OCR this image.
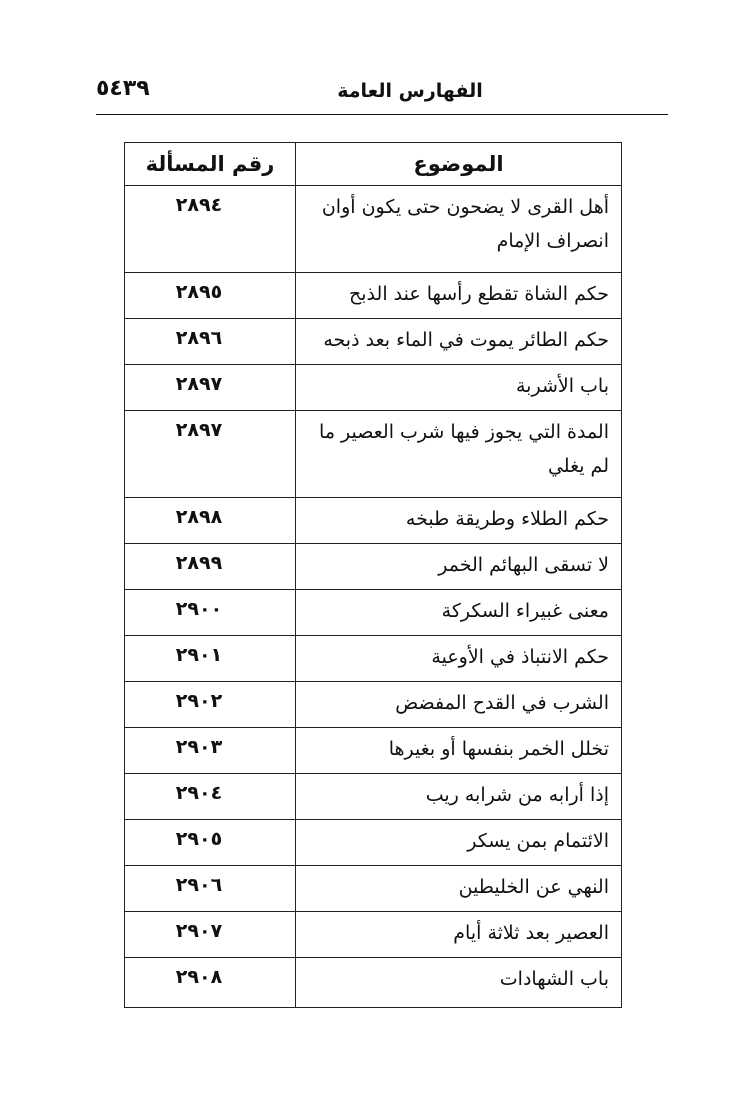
٥٤٣٩	الفهارس العامة
الموضوع	رقم المسألة
أهل القرى لا يضحون حتى يكون أوان انصراف الإمام	٢٨٩٤
حكم الشاة تقطع رأسها عند الذبح	٢٨٩٥
حكم الطائر يموت في الماء بعد ذبحه	٢٨٩٦
باب الأشربة	٢٨٩٧
المدة التي يجوز فيها شرب العصير ما لم يغلي	٢٨٩٧
حكم الطلاء وطريقة طبخه	٢٨٩٨
لا تسقى البهائم الخمر	٢٨٩٩
معنى غبيراء السكركة	٢٩٠٠
حكم الانتباذ في الأوعية	٢٩٠١
الشرب في القدح المفضض	٢٩٠٢
تخلل الخمر بنفسها أو بغيرها	٢٩٠٣
إذا أرابه من شرابه ريب	٢٩٠٤
الائتمام بمن يسكر	٢٩٠٥
النهي عن الخليطين	٢٩٠٦
العصير بعد ثلاثة أيام	٢٩٠٧
باب الشهادات	٢٩٠٨
